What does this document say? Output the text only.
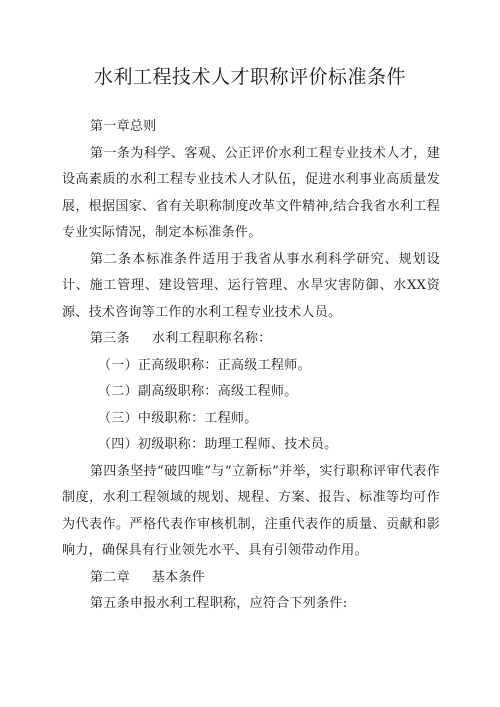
水利工程技术人才职称评价标准条件

第一章总则

第一条为科学、客观、公正评价水利工程专业技术人才，建设高素质的水利工程专业技术人才队伍，促进水利事业高质量发展，根据国家、省有关职称制度改革文件精神,结合我省水利工程专业实际情况，制定本标准条件。

第二条本标准条件适用于我省从事水利科学研究、规划设计、施工管理、建设管理、运行管理、水旱灾害防御、水XX资源、技术咨询等工作的水利工程专业技术人员。

第三条 水利工程职称名称：

（一）正高级职称：正高级工程师。

（二）副高级职称：高级工程师。

（三）中级职称：工程师。

（四）初级职称：助理工程师、技术员。

第四条坚持“破四唯”与“立新标”并举，实行职称评审代表作制度，水利工程领域的规划、规程、方案、报告、标准等均可作为代表作。严格代表作审核机制，注重代表作的质量、贡献和影响力，确保具有行业领先水平、具有引领带动作用。

第二章 基本条件

第五条申报水利工程职称，应符合下列条件:
